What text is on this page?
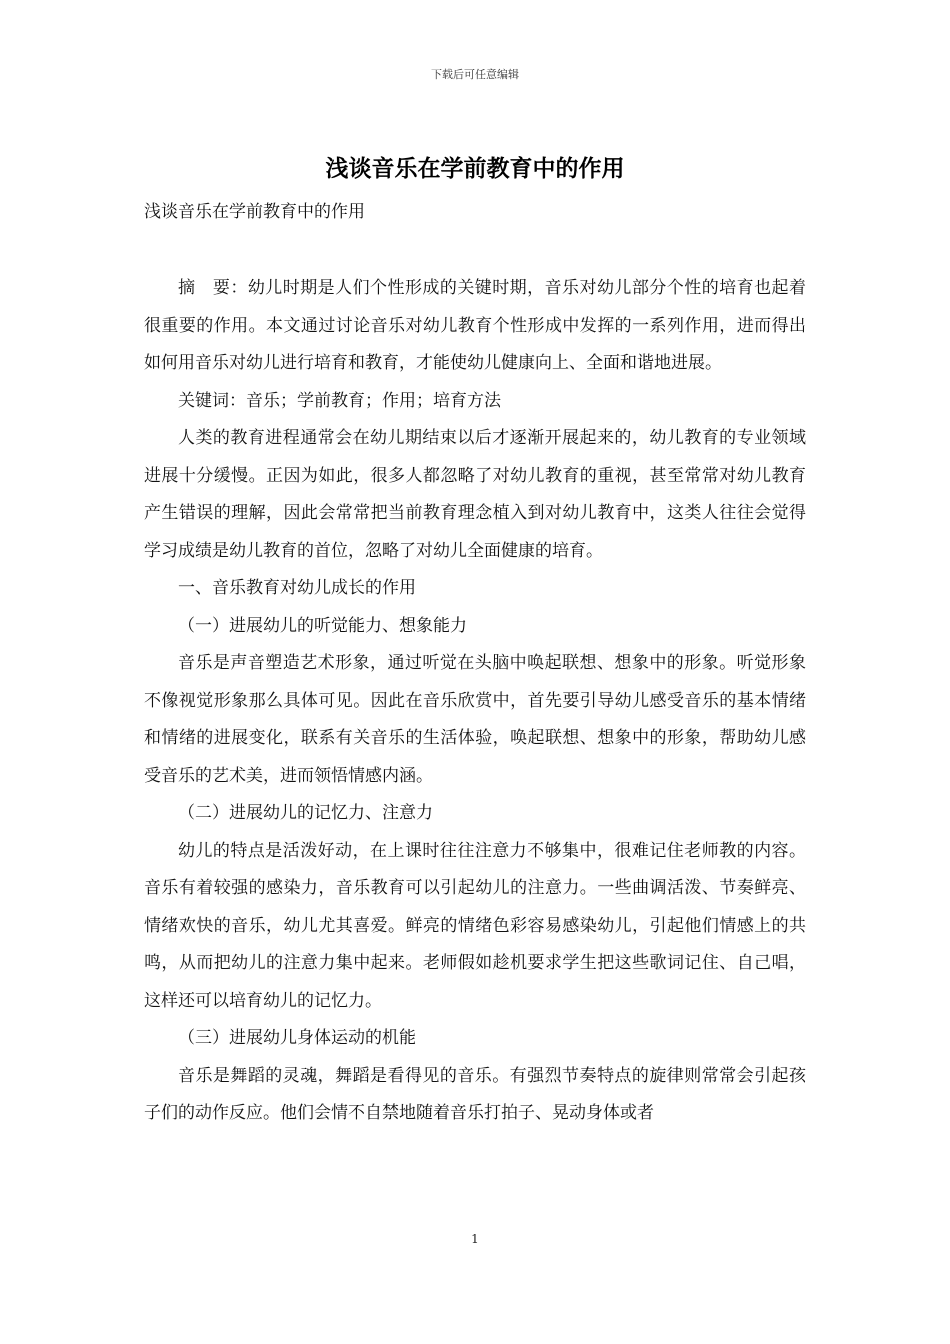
下载后可任意编辑
浅谈音乐在学前教育中的作用

浅谈音乐在学前教育中的作用

摘　要：幼儿时期是人们个性形成的关键时期，音乐对幼儿部分个性的培育也起着很重要的作用。本文通过讨论音乐对幼儿教育个性形成中发挥的一系列作用，进而得出如何用音乐对幼儿进行培育和教育，才能使幼儿健康向上、全面和谐地进展。

关键词：音乐；学前教育；作用；培育方法

人类的教育进程通常会在幼儿期结束以后才逐渐开展起来的，幼儿教育的专业领域进展十分缓慢。正因为如此，很多人都忽略了对幼儿教育的重视，甚至常常对幼儿教育产生错误的理解，因此会常常把当前教育理念植入到对幼儿教育中，这类人往往会觉得学习成绩是幼儿教育的首位，忽略了对幼儿全面健康的培育。

一、音乐教育对幼儿成长的作用

（一）进展幼儿的听觉能力、想象能力

音乐是声音塑造艺术形象，通过听觉在头脑中唤起联想、想象中的形象。听觉形象不像视觉形象那么具体可见。因此在音乐欣赏中，首先要引导幼儿感受音乐的基本情绪和情绪的进展变化，联系有关音乐的生活体验，唤起联想、想象中的形象，帮助幼儿感受音乐的艺术美，进而领悟情感内涵。

（二）进展幼儿的记忆力、注意力

幼儿的特点是活泼好动，在上课时往往注意力不够集中，很难记住老师教的内容。音乐有着较强的感染力，音乐教育可以引起幼儿的注意力。一些曲调活泼、节奏鲜亮、情绪欢快的音乐，幼儿尤其喜爱。鲜亮的情绪色彩容易感染幼儿，引起他们情感上的共鸣，从而把幼儿的注意力集中起来。老师假如趁机要求学生把这些歌词记住、自己唱，这样还可以培育幼儿的记忆力。

（三）进展幼儿身体运动的机能

音乐是舞蹈的灵魂，舞蹈是看得见的音乐。有强烈节奏特点的旋律则常常会引起孩子们的动作反应。他们会情不自禁地随着音乐打拍子、晃动身体或者

1
